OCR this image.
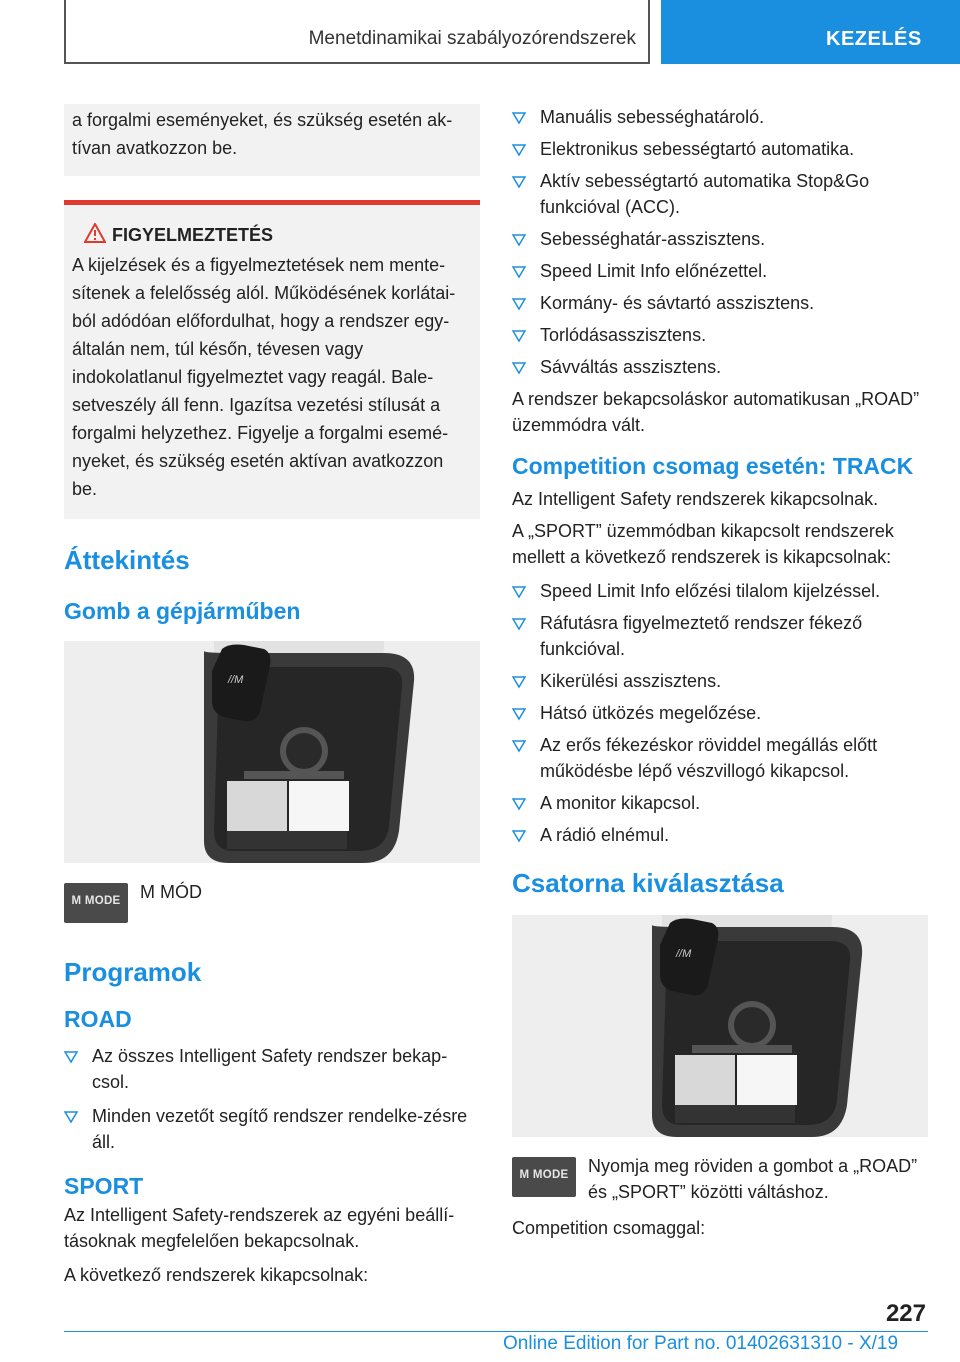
Menetdinamikai szabályozórendszerek	KEZELÉS
a forgalmi eseményeket, és szükség esetén ak-tívan avatkozzon be.
FIGYELMEZTETÉS
A kijelzések és a figyelmeztetések nem mente-sítenek a felelősség alól. Működésének korlátai-ból adódóan előfordulhat, hogy a rendszer egy-általán nem, túl későn, tévesen vagy indokolatlanul figyelmeztet vagy reagál. Bale-setveszély áll fenn. Igazítsa vezetési stílusát a forgalmi helyzethez. Figyelje a forgalmi esemé-nyeket, és szükség esetén aktívan avatkozzon be.
Áttekintés
Gomb a gépjárműben
//M
M MODE	M MÓD
Programok
ROAD
Az összes Intelligent Safety rendszer bekap-csol.
Minden vezetőt segítő rendszer rendelke-zésre áll.
SPORT
Az Intelligent Safety-rendszerek az egyéni beállí-tásoknak megfelelően bekapcsolnak.
A következő rendszerek kikapcsolnak:
Manuális sebességhatároló.
Elektronikus sebességtartó automatika.
Aktív sebességtartó automatika Stop&Go funkcióval (ACC).
Sebességhatár-asszisztens.
Speed Limit Info előnézettel.
Kormány- és sávtartó asszisztens.
Torlódásasszisztens.
Sávváltás asszisztens.
A rendszer bekapcsoláskor automatikusan „ROAD” üzemmódra vált.
Competition csomag esetén: TRACK
Az Intelligent Safety rendszerek kikapcsolnak.
A „SPORT” üzemmódban kikapcsolt rendszerek mellett a következő rendszerek is kikapcsolnak:
Speed Limit Info előzési tilalom kijelzéssel.
Ráfutásra figyelmeztető rendszer fékező funkcióval.
Kikerülési asszisztens.
Hátsó ütközés megelőzése.
Az erős fékezéskor röviddel megállás előtt működésbe lépő vészvillogó kikapcsol.
A monitor kikapcsol.
A rádió elnémul.
Csatorna kiválasztása
//M
M MODE	Nyomja meg röviden a gombot a „ROAD” és „SPORT” közötti váltáshoz.
Competition csomaggal:
227
Online Edition for Part no. 01402631310 - X/19
